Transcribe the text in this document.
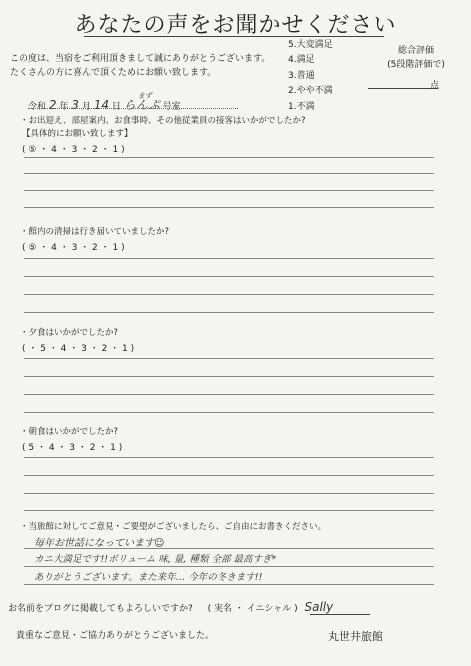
あなたの声をお聞かせください
この度は、当宿をご利用頂きまして誠にありがとうございます。
たくさんの方に喜んで頂くためにお願い致します。
5.大変満足
4.満足
3.普通
2.やや不満
1.不満
総合評価
(5段階評価で)
点
令和 2 年 3 月 14 日
まず
らんぷ 号室
・お出迎え、部屋案内、お食事時、その他従業員の接客はいかがでしたか?
【具体的にお願い致します】
( ⑤ ・ 4 ・ 3 ・ 2 ・ 1 )
・館内の清掃は行き届いていましたか?
( ⑤ ・ 4 ・ 3 ・ 2 ・ 1 )
・夕食はいかがでしたか?
( ・ 5 ・ 4 ・ 3 ・ 2 ・ 1 )
・朝食はいかがでしたか?
( 5 ・ 4 ・ 3 ・ 2 ・ 1 )
・当旅館に対してご意見・ご要望がございましたら、ご自由にお書きください。
毎年お世話になっています☺
カニ大満足です!!ボリューム 味, 量, 種類 全部 最高すぎ*
ありがとうございます。また来年… 今年の冬きます!!
お名前をブログに掲載してもよろしいですか? ( 実名 ・ イニシャル ) Sally
貴重なご意見・ご協力ありがとうございました。	丸世井旅館
